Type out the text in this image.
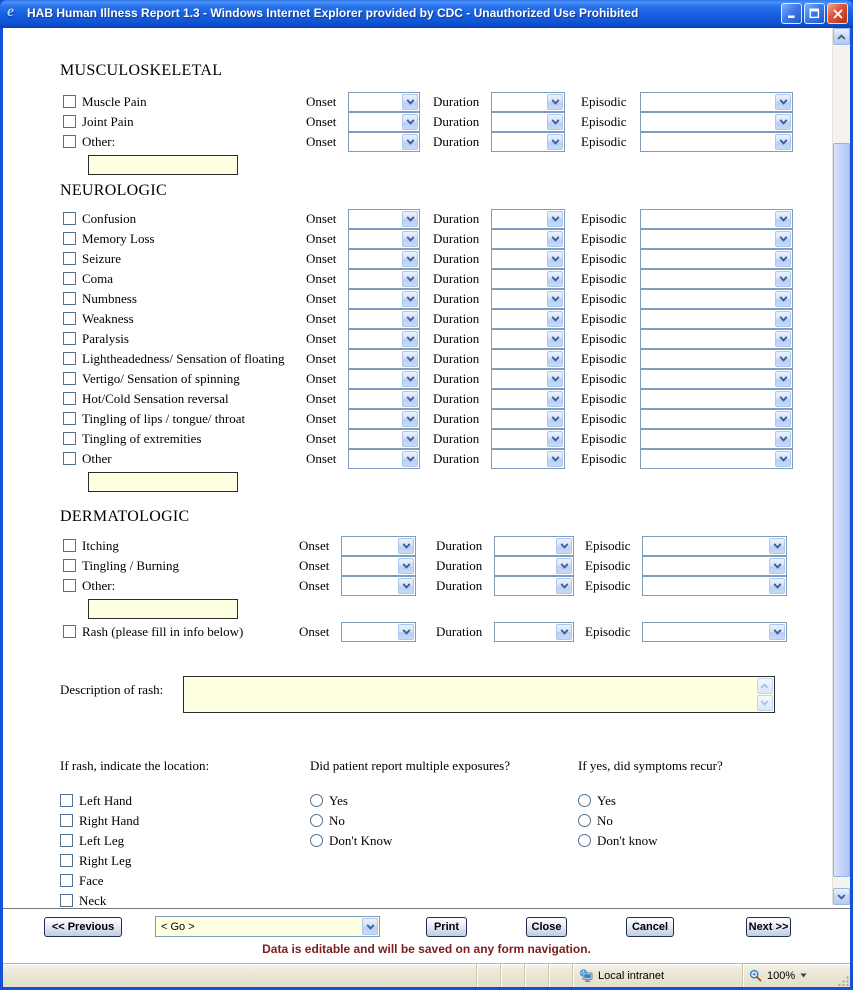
e HAB Human Illness Report 1.3 - Windows Internet Explorer provided by CDC - Unauthorized Use Prohibited
MUSCULOSKELETAL
Muscle Pain	Onset	Duration	Episodic
Joint Pain	Onset	Duration	Episodic
Other:	Onset	Duration	Episodic
NEUROLOGIC
Confusion	Onset	Duration	Episodic
Memory Loss	Onset	Duration	Episodic
Seizure	Onset	Duration	Episodic
Coma	Onset	Duration	Episodic
Numbness	Onset	Duration	Episodic
Weakness	Onset	Duration	Episodic
Paralysis	Onset	Duration	Episodic
Lightheadedness/ Sensation of floating Onset	Duration	Episodic
Vertigo/ Sensation of spinning	Onset	Duration	Episodic
Hot/Cold Sensation reversal	Onset	Duration	Episodic
Tingling of lips / tongue/ throat	Onset	Duration	Episodic
Tingling of extremities	Onset	Duration	Episodic
Other	Onset	Duration	Episodic
DERMATOLOGIC
Itching	Onset	Duration	Episodic
Tingling / Burning	Onset	Duration	Episodic
Other:	Onset	Duration	Episodic
Rash (please fill in info below)	Onset	Duration	Episodic
Description of rash:
If rash, indicate the location:
Left Hand
Right Hand
Left Leg
Right Leg
Face
Neck
Did patient report multiple exposures?
Yes
No
Don't Know
If yes, did symptoms recur?
Yes
No
Don't know
<< Previous	< Go >	Print	Close	Cancel	Next >>
Data is editable and will be saved on any form navigation.
Local intranet	100%
